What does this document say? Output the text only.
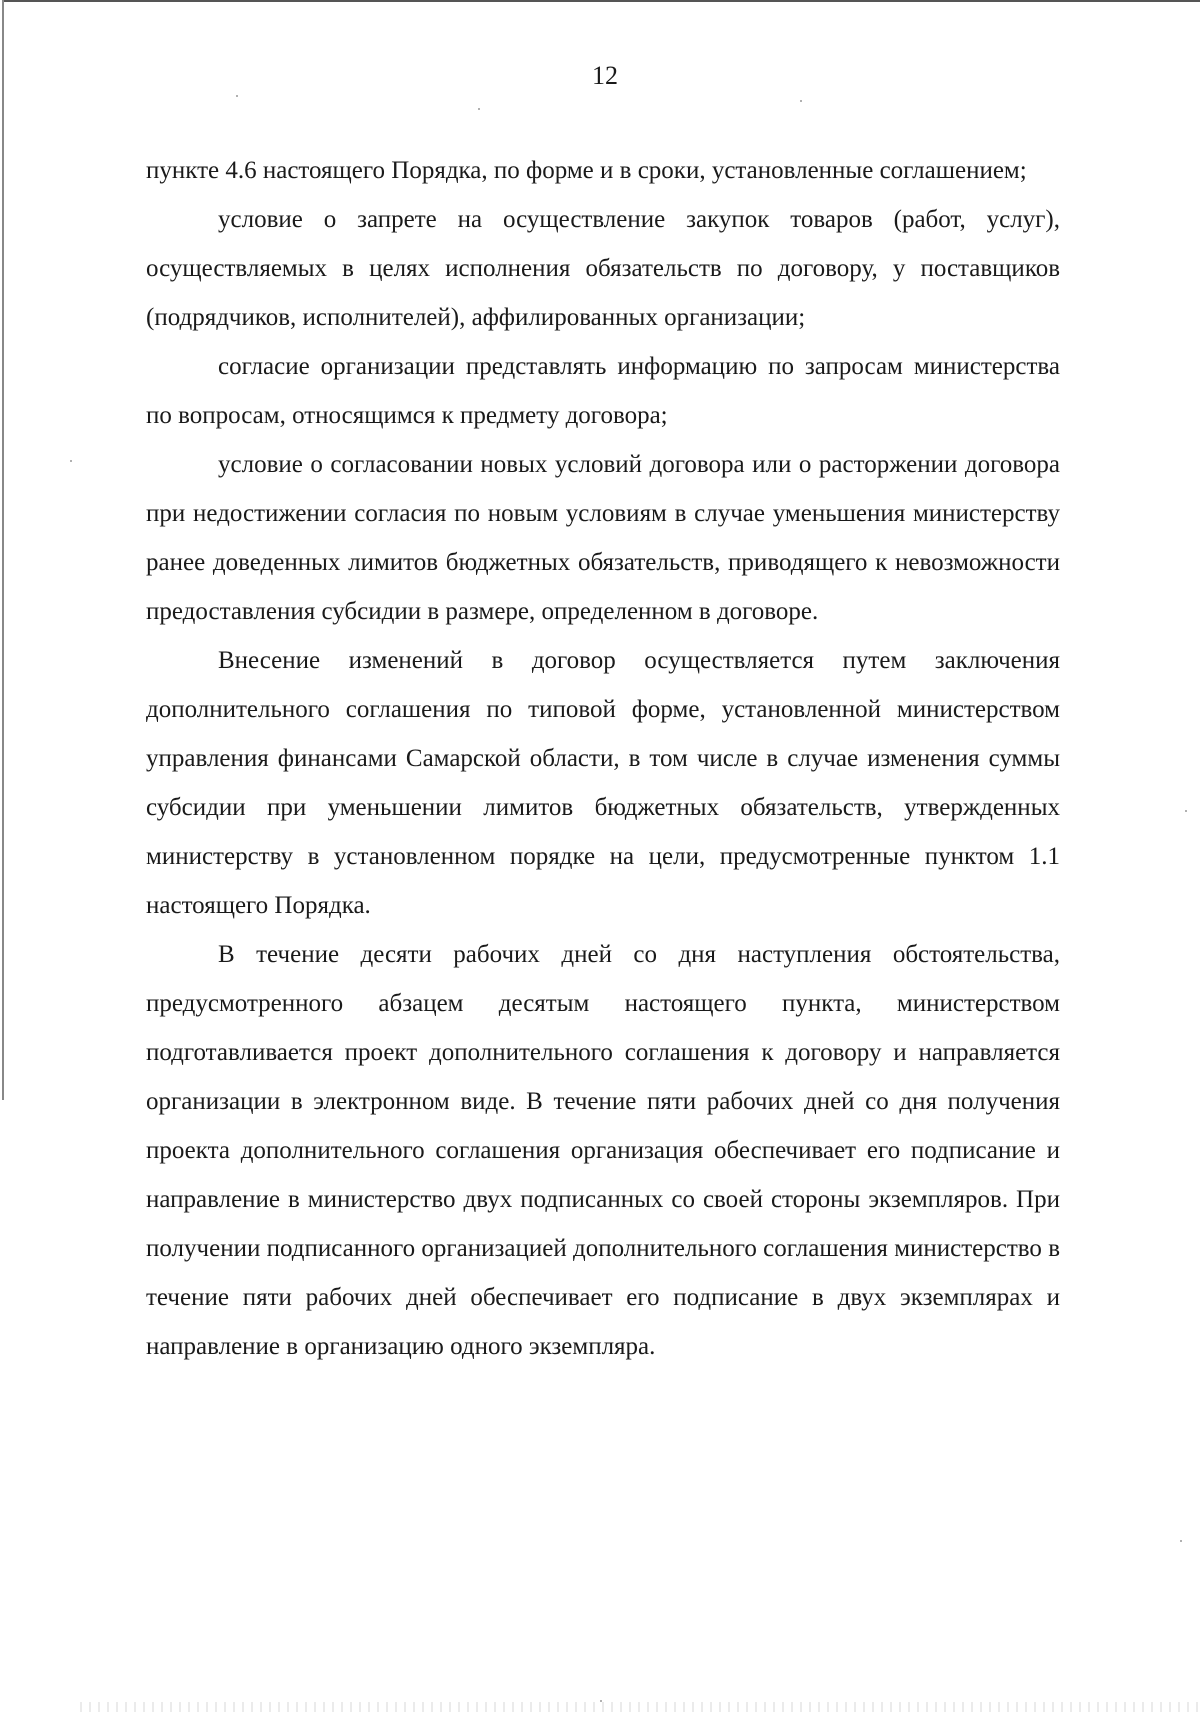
12

пункте 4.6 настоящего Порядка, по форме и в сроки, установленные соглашением;

условие о запрете на осуществление закупок товаров (работ, услуг), осуществляемых в целях исполнения обязательств по договору, у поставщиков (подрядчиков, исполнителей), аффилированных организации;

согласие организации представлять информацию по запросам министерства по вопросам, относящимся к предмету договора;

условие о согласовании новых условий договора или о расторжении договора при недостижении согласия по новым условиям в случае уменьшения министерству ранее доведенных лимитов бюджетных обязательств, приводящего к невозможности предоставления субсидии в размере, определенном в договоре.

Внесение изменений в договор осуществляется путем заключения дополнительного соглашения по типовой форме, установленной министерством управления финансами Самарской области, в том числе в случае изменения суммы субсидии при уменьшении лимитов бюджетных обязательств, утвержденных министерству в установленном порядке на цели, предусмотренные пунктом 1.1 настоящего Порядка.

В течение десяти рабочих дней со дня наступления обстоятельства, предусмотренного абзацем десятым настоящего пункта, министерством подготавливается проект дополнительного соглашения к договору и направляется организации в электронном виде. В течение пяти рабочих дней со дня получения проекта дополнительного соглашения организация обеспечивает его подписание и направление в министерство двух подписанных со своей стороны экземпляров. При получении подписанного организацией дополнительного соглашения министерство в течение пяти рабочих дней обеспечивает его подписание в двух экземплярах и направление в организацию одного экземпляра.
